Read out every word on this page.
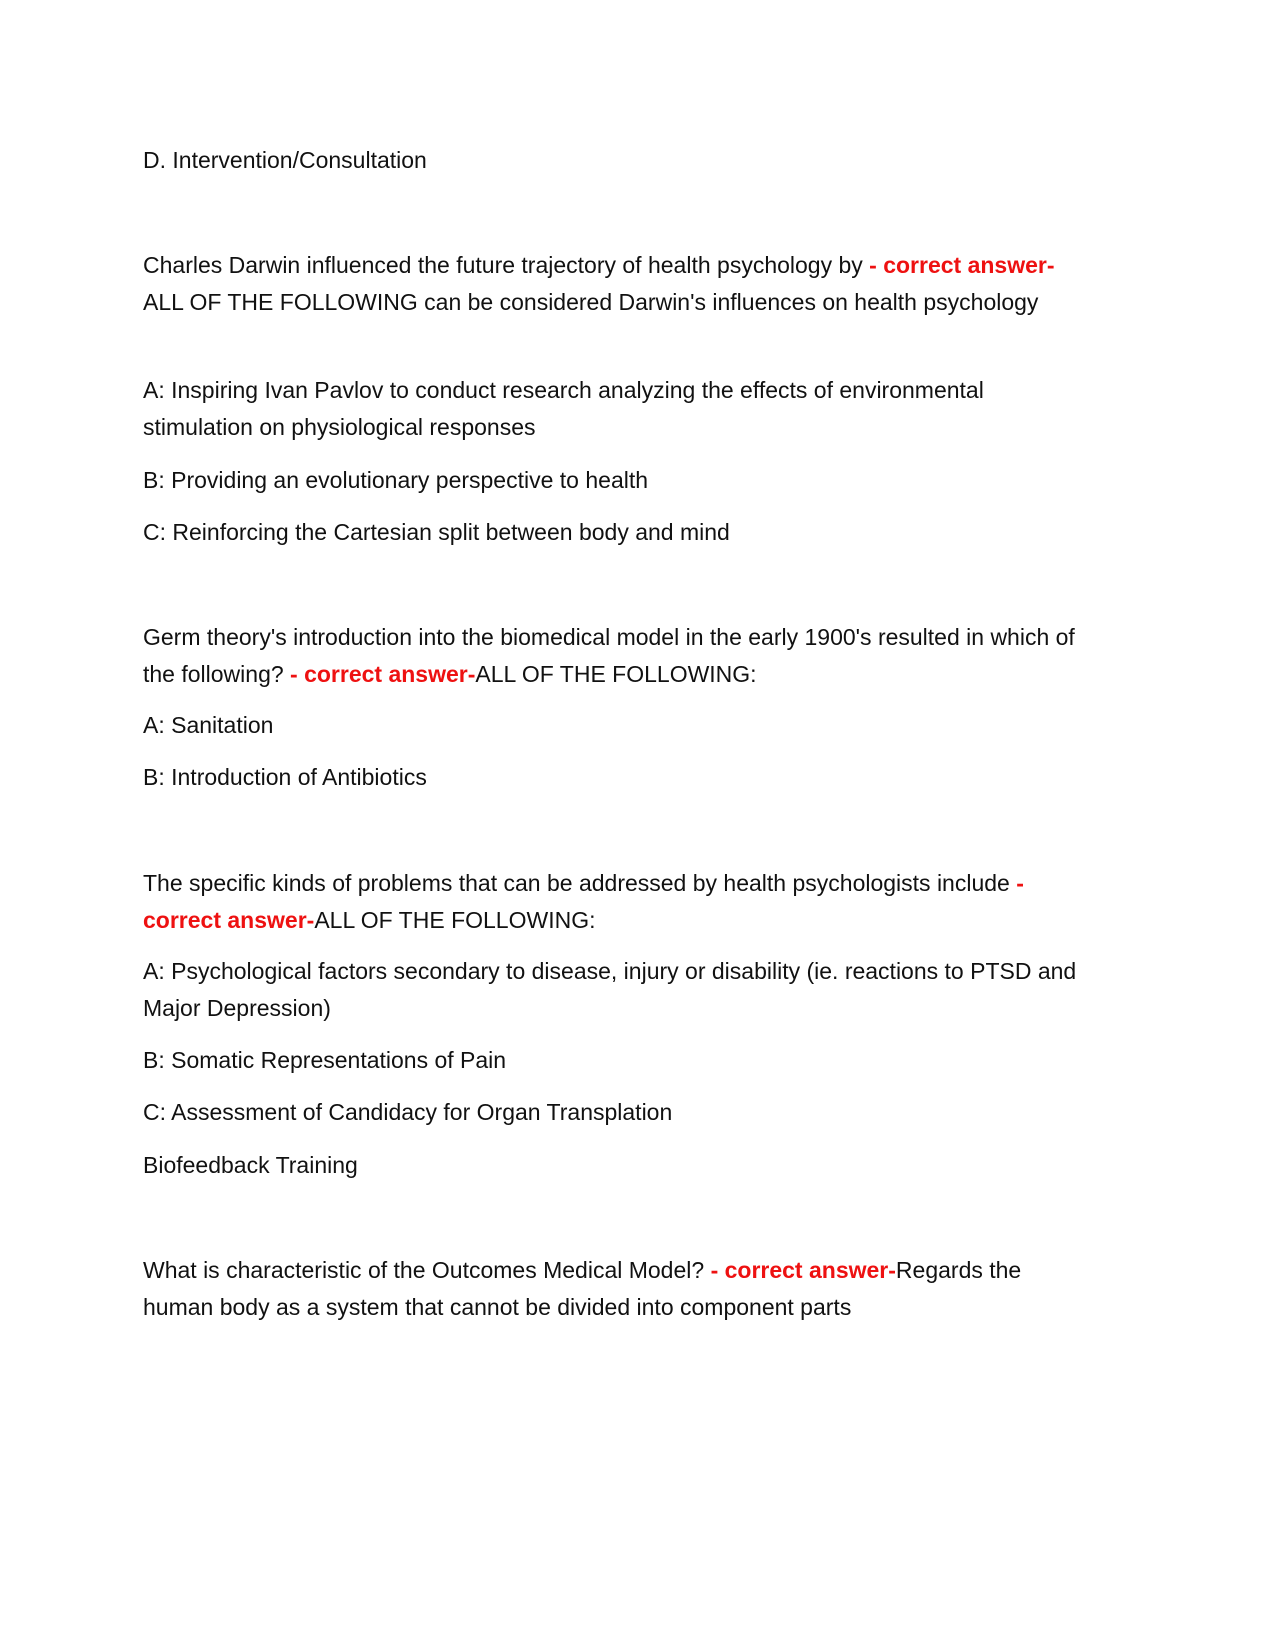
D. Intervention/Consultation
Charles Darwin influenced the future trajectory of health psychology by - correct answer-ALL OF THE FOLLOWING can be considered Darwin's influences on health psychology
A: Inspiring Ivan Pavlov to conduct research analyzing the effects of environmental stimulation on physiological responses
B: Providing an evolutionary perspective to health
C: Reinforcing the Cartesian split between body and mind
Germ theory's introduction into the biomedical model in the early 1900's resulted in which of the following? - correct answer-ALL OF THE FOLLOWING:
A: Sanitation
B: Introduction of Antibiotics
The specific kinds of problems that can be addressed by health psychologists include - correct answer-ALL OF THE FOLLOWING:
A: Psychological factors secondary to disease, injury or disability (ie. reactions to PTSD and Major Depression)
B: Somatic Representations of Pain
C: Assessment of Candidacy for Organ Transplation
Biofeedback Training
What is characteristic of the Outcomes Medical Model? - correct answer-Regards the human body as a system that cannot be divided into component parts
